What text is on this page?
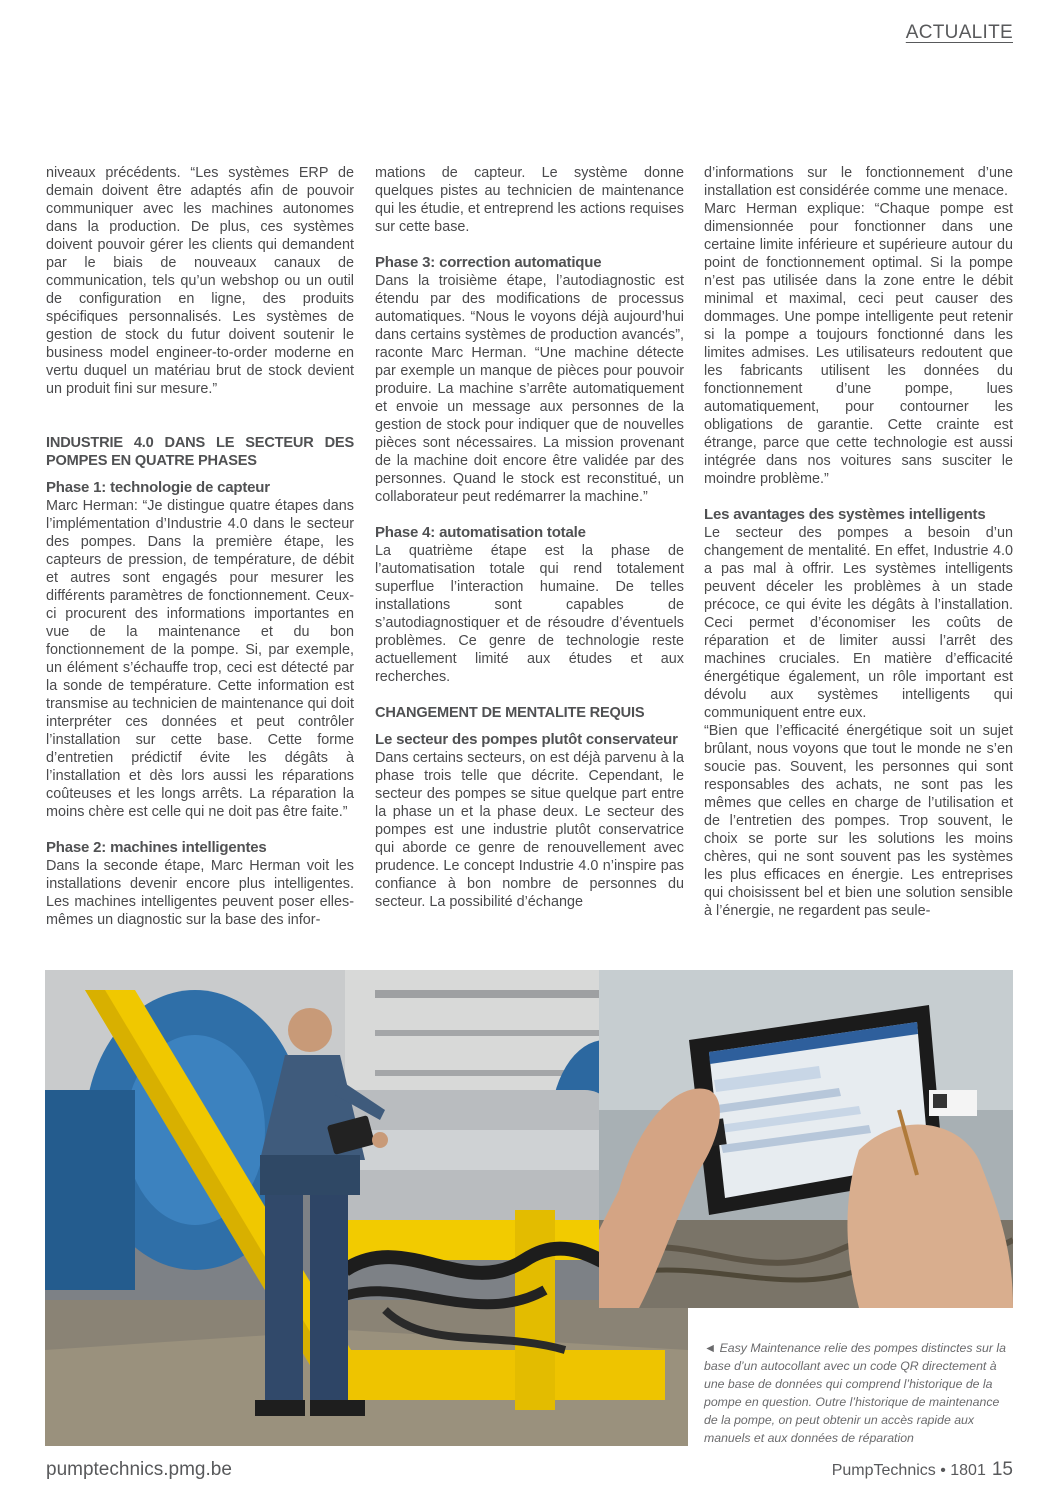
ACTUALITE

niveaux précédents. “Les systèmes ERP de demain doivent être adaptés afin de pouvoir communiquer avec les machines autonomes dans la production. De plus, ces systèmes doivent pouvoir gérer les clients qui demandent par le biais de nouveaux canaux de communication, tels qu’un webshop ou un outil de configuration en ligne, des produits spécifiques personnalisés. Les systèmes de gestion de stock du futur doivent soutenir le business model engineer-to-order moderne en vertu duquel un matériau brut de stock devient un produit fini sur mesure.”

INDUSTRIE 4.0 DANS LE SECTEUR DES POMPES EN QUATRE PHASES
Phase 1: technologie de capteur

Marc Herman: “Je distingue quatre étapes dans l’implémentation d’Industrie 4.0 dans le secteur des pompes. Dans la première étape, les capteurs de pression, de température, de débit et autres sont engagés pour mesurer les différents paramètres de fonctionnement. Ceux-ci procurent des informations importantes en vue de la maintenance et du bon fonctionnement de la pompe. Si, par exemple, un élément s’échauffe trop, ceci est détecté par la sonde de température. Cette information est transmise au technicien de maintenance qui doit interpréter ces données et peut contrôler l’installation sur cette base. Cette forme d’entretien prédictif évite les dégâts à l’installation et dès lors aussi les réparations coûteuses et les longs arrêts. La réparation la moins chère est celle qui ne doit pas être faite.”

Phase 2: machines intelligentes

Dans la seconde étape, Marc Herman voit les installations devenir encore plus intelligentes. Les machines intelligentes peuvent poser elles-mêmes un diagnostic sur la base des infor-

mations de capteur. Le système donne quelques pistes au technicien de maintenance qui les étudie, et entreprend les actions requises sur cette base.

Phase 3: correction automatique

Dans la troisième étape, l’autodiagnostic est étendu par des modifications de processus automatiques. “Nous le voyons déjà aujourd’hui dans certains systèmes de production avancés”, raconte Marc Herman. “Une machine détecte par exemple un manque de pièces pour pouvoir produire. La machine s’arrête automatiquement et envoie un message aux personnes de la gestion de stock pour indiquer que de nouvelles pièces sont nécessaires. La mission provenant de la machine doit encore être validée par des personnes. Quand le stock est reconstitué, un collaborateur peut redémarrer la machine.”

Phase 4: automatisation totale

La quatrième étape est la phase de l’automatisation totale qui rend totalement superflue l’interaction humaine. De telles installations sont capables de s’autodiagnostiquer et de résoudre d’éventuels problèmes. Ce genre de technologie reste actuellement limité aux études et aux recherches.

CHANGEMENT DE MENTALITE REQUIS
Le secteur des pompes plutôt conservateur

Dans certains secteurs, on est déjà parvenu à la phase trois telle que décrite. Cependant, le secteur des pompes se situe quelque part entre la phase un et la phase deux. Le secteur des pompes est une industrie plutôt conservatrice qui aborde ce genre de renouvellement avec prudence. Le concept Industrie 4.0 n’inspire pas confiance à bon nombre de personnes du secteur. La possibilité d’échange

d’informations sur le fonctionnement d’une installation est considérée comme une menace.

Marc Herman explique: “Chaque pompe est dimensionnée pour fonctionner dans une certaine limite inférieure et supérieure autour du point de fonctionnement optimal. Si la pompe n’est pas utilisée dans la zone entre le débit minimal et maximal, ceci peut causer des dommages. Une pompe intelligente peut retenir si la pompe a toujours fonctionné dans les limites admises. Les utilisateurs redoutent que les fabricants utilisent les données du fonctionnement d’une pompe, lues automatiquement, pour contourner les obligations de garantie. Cette crainte est étrange, parce que cette technologie est aussi intégrée dans nos voitures sans susciter le moindre problème.”

Les avantages des systèmes intelligents

Le secteur des pompes a besoin d’un changement de mentalité. En effet, Industrie 4.0 a pas mal à offrir. Les systèmes intelligents peuvent déceler les problèmes à un stade précoce, ce qui évite les dégâts à l’installation. Ceci permet d’économiser les coûts de réparation et de limiter aussi l’arrêt des machines cruciales. En matière d’efficacité énergétique également, un rôle important est dévolu aux systèmes intelligents qui communiquent entre eux.

“Bien que l’efficacité énergétique soit un sujet brûlant, nous voyons que tout le monde ne s’en soucie pas. Souvent, les personnes qui sont responsables des achats, ne sont pas les mêmes que celles en charge de l’utilisation et de l’entretien des pompes. Trop souvent, le choix se porte sur les solutions les moins chères, qui ne sont souvent pas les systèmes les plus efficaces en énergie. Les entreprises qui choisissent bel et bien une solution sensible à l’énergie, ne regardent pas seule-

◄ Easy Maintenance relie des pompes distinctes sur la base d’un autocollant avec un code QR directement à une base de données qui comprend l’historique de la pompe en question. Outre l’historique de maintenance de la pompe, on peut obtenir un accès rapide aux manuels et aux données de réparation
pumptechnics.pmg.be	PumpTechnics • 1801 15
